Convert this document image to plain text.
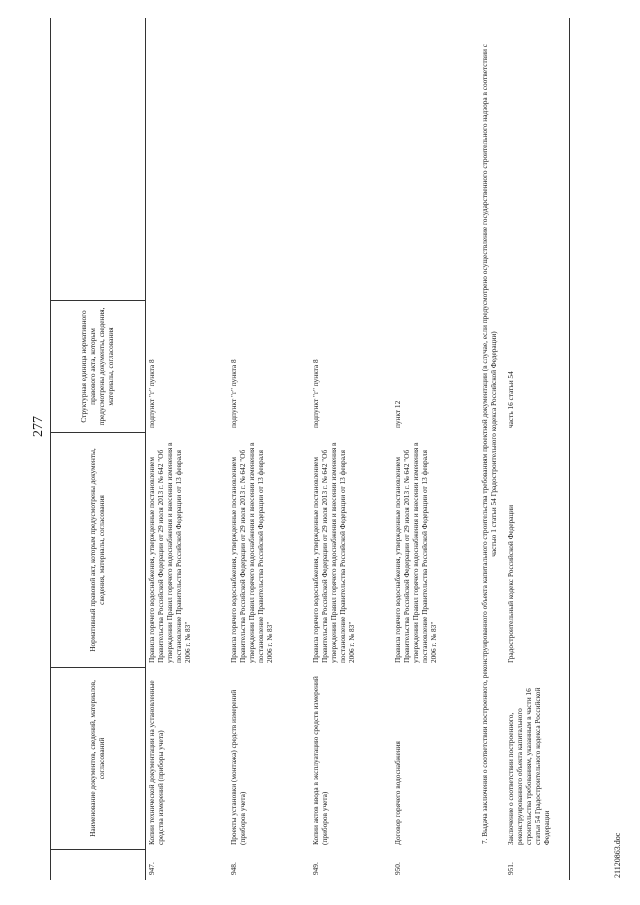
277
Наименование документов, сведений, материалов, согласований
Нормативный правовой акт, которым предусмотрены документы, сведения, материалы, согласования
Структурная единица нормативного правового акта, которым предусмотрены документы, сведения, материалы, согласования
947.
Копии технической документации на установленные средства измерений (приборы учета)
Правила горячего водоснабжения, утвержденные постановлением Правительства Российской Федерации от 29 июля 2013 г. № 642 "Об утверждении Правил горячего водоснабжения и внесении изменения в постановление Правительства Российской Федерации от 13 февраля 2006 г. № 83"
подпункт "г" пункта 8
948.
Проекты установки (монтажа) средств измерений (приборов учета)
Правила горячего водоснабжения, утвержденные постановлением Правительства Российской Федерации от 29 июля 2013 г. № 642 "Об утверждении Правил горячего водоснабжения и внесении изменения в постановление Правительства Российской Федерации от 13 февраля 2006 г. № 83"
подпункт "г" пункта 8
949.
Копии актов ввода в эксплуатацию средств измерений (приборов учета)
Правила горячего водоснабжения, утвержденные постановлением Правительства Российской Федерации от 29 июля 2013 г. № 642 "Об утверждении Правил горячего водоснабжения и внесении изменения в постановление Правительства Российской Федерации от 13 февраля 2006 г. № 83"
подпункт "г" пункта 8
950.
Договор горячего водоснабжения
Правила горячего водоснабжения, утвержденные постановлением Правительства Российской Федерации от 29 июля 2013 г. № 642 "Об утверждении Правил горячего водоснабжения и внесении изменения в постановление Правительства Российской Федерации от 13 февраля 2006 г. № 83"
пункт 12	7. Выдача заключения о соответствии построенного, реконструированного объекта капитального строительства требованиям проектной документации (в случае, если предусмотрено осуществление государственного строительного надзора в соответствии с частью 1 статьи 54 Градостроительного кодекса Российской Федерации)
951.
Заключение о соответствии построенного, реконструированного объекта капитального строительства требованиям, указанным в части 16 статьи 54 Градостроительного кодекса Российской Федерации
Градостроительный кодекс Российской Федерации
часть 16 статьи 54
21120863.doc
